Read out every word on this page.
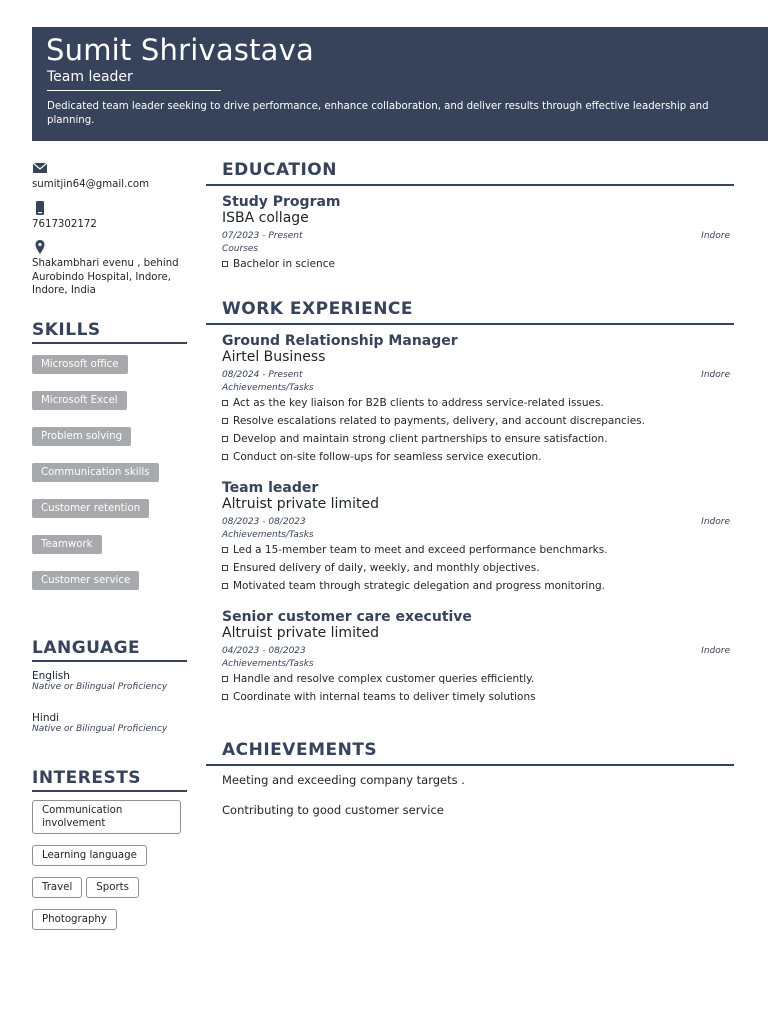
Sumit Shrivastava
Team leader
Dedicated team leader seeking to drive performance, enhance collaboration, and deliver results through effective leadership and planning.
sumitjin64@gmail.com
7617302172
Shakambhari evenu , behind Aurobindo Hospital, Indore, Indore, India
SKILLS
Microsoft office
Microsoft Excel
Problem solving
Communication skills
Customer retention
Teamwork
Customer service
LANGUAGE
English
Native or Bilingual Proficiency
Hindi
Native or Bilingual Proficiency
INTERESTS
Communication involvement Learning language
Travel Sports
Photography
EDUCATION
Study Program
ISBA collage
07/2023 - Present	Indore
Courses
Bachelor in science
WORK EXPERIENCE
Ground Relationship Manager
Airtel Business
08/2024 - Present	Indore
Achievements/Tasks
Act as the key liaison for B2B clients to address service-related issues.
Resolve escalations related to payments, delivery, and account discrepancies.
Develop and maintain strong client partnerships to ensure satisfaction.
Conduct on-site follow-ups for seamless service execution.
Team leader
Altruist private limited
08/2023 - 08/2023	Indore
Achievements/Tasks
Led a 15-member team to meet and exceed performance benchmarks.
Ensured delivery of daily, weekly, and monthly objectives.
Motivated team through strategic delegation and progress monitoring.
Senior customer care executive
Altruist private limited
04/2023 - 08/2023	Indore
Achievements/Tasks
Handle and resolve complex customer queries efficiently.
Coordinate with internal teams to deliver timely solutions
ACHIEVEMENTS
Meeting and exceeding company targets .
Contributing to good customer service
